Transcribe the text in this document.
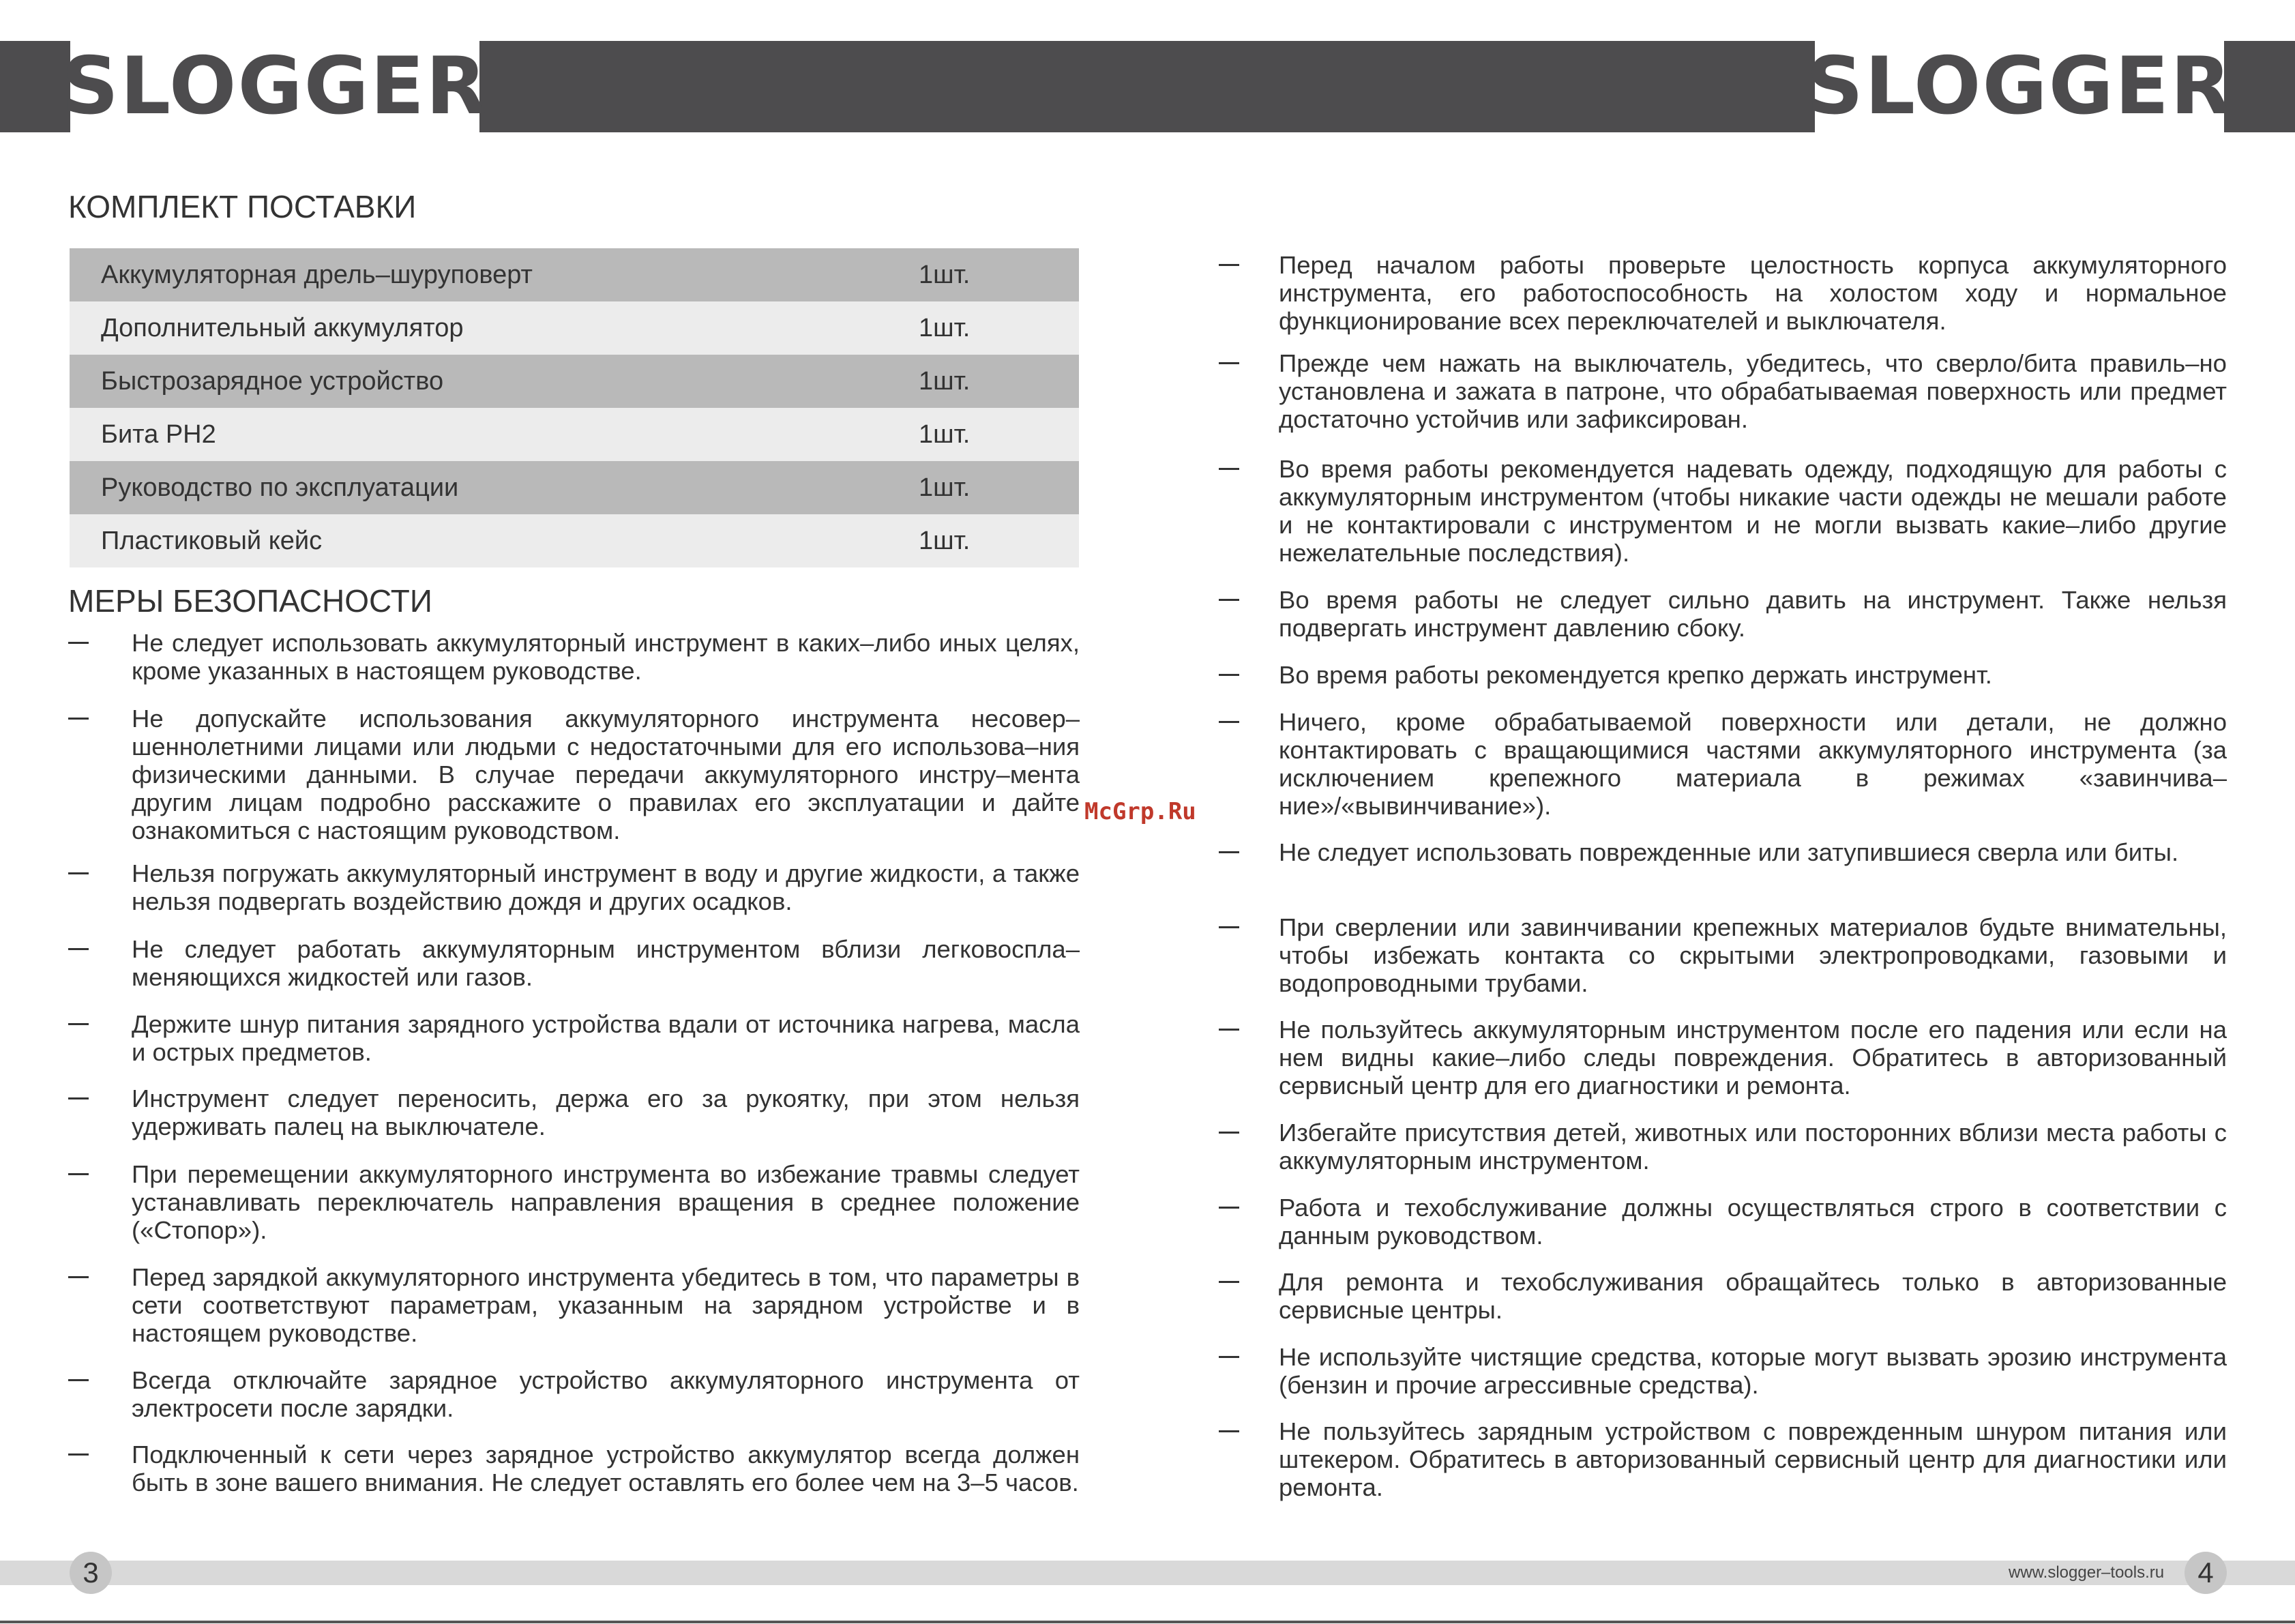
SLOGGER	SLOGGER
КОМПЛЕКТ ПОСТАВКИ
Аккумуляторная дрель–шуруповерт	1шт.
Дополнительный аккумулятор	1шт.
Быстрозарядное устройство	1шт.
Бита PH2	1шт.
Руководство по эксплуатации	1шт.
Пластиковый кейс	1шт.
МЕРЫ БЕЗОПАСНОСТИ
Не следует использовать аккумуляторный инструмент в каких–либо иных целях, кроме указанных в настоящем руководстве.
Не допускайте использования аккумуляторного инструмента несовер–шеннолетними лицами или людьми с недостаточными для его использова–ния физическими данными. В случае передачи аккумуляторного инстру–мента другим лицам подробно расскажите о правилах его эксплуатации и дайте ознакомиться с настоящим руководством.
Нельзя погружать аккумуляторный инструмент в воду и другие жидкости, а также нельзя подвергать воздействию дождя и других осадков.
Не следует работать аккумуляторным инструментом вблизи легковоспла–меняющихся жидкостей или газов.
Держите шнур питания зарядного устройства вдали от источника нагрева, масла и острых предметов.
Инструмент следует переносить, держа его за рукоятку, при этом нельзя удерживать палец на выключателе.
При перемещении аккумуляторного инструмента во избежание травмы следует устанавливать переключатель направления вращения в среднее положение («Стопор»).
Перед зарядкой аккумуляторного инструмента убедитесь в том, что параметры в сети соответствуют параметрам, указанным на зарядном устройстве и в настоящем руководстве.
Всегда отключайте зарядное устройство аккумуляторного инструмента от электросети после зарядки.
Подключенный к сети через зарядное устройство аккумулятор всегда должен быть в зоне вашего внимания. Не следует оставлять его более чем на 3–5 часов.
McGrp.Ru
Перед началом работы проверьте целостность корпуса аккумуляторного инструмента, его работоспособность на холостом ходу и нормальное функционирование всех переключателей и выключателя.
Прежде чем нажать на выключатель, убедитесь, что сверло/бита правиль–но установлена и зажата в патроне, что обрабатываемая поверхность или предмет достаточно устойчив или зафиксирован.
Во время работы рекомендуется надевать одежду, подходящую для работы с аккумуляторным инструментом (чтобы никакие части одежды не мешали работе и не контактировали с инструментом и не могли вызвать какие–либо другие нежелательные последствия).
Во время работы не следует сильно давить на инструмент. Также нельзя подвергать инструмент давлению сбоку.
Во время работы рекомендуется крепко держать инструмент.
Ничего, кроме обрабатываемой поверхности или детали, не должно контактировать с вращающимися частями аккумуляторного инструмента (за исключением крепежного материала в режимах «завинчива–ние»/«вывинчивание»).
Не следует использовать поврежденные или затупившиеся сверла или биты.
При сверлении или завинчивании крепежных материалов будьте внимательны, чтобы избежать контакта со скрытыми электропроводками, газовыми и водопроводными трубами.
Не пользуйтесь аккумуляторным инструментом после его падения или если на нем видны какие–либо следы повреждения. Обратитесь в авторизованный сервисный центр для его диагностики и ремонта.
Избегайте присутствия детей, животных или посторонних вблизи места работы с аккумуляторным инструментом.
Работа и техобслуживание должны осуществляться строго в соответствии с данным руководством.
Для ремонта и техобслуживания обращайтесь только в авторизованные сервисные центры.
Не используйте чистящие средства, которые могут вызвать эрозию инструмента (бензин и прочие агрессивные средства).
Не пользуйтесь зарядным устройством с поврежденным шнуром питания или штекером. Обратитесь в авторизованный сервисный центр для диагностики или ремонта.
3	4
www.slogger–tools.ru
